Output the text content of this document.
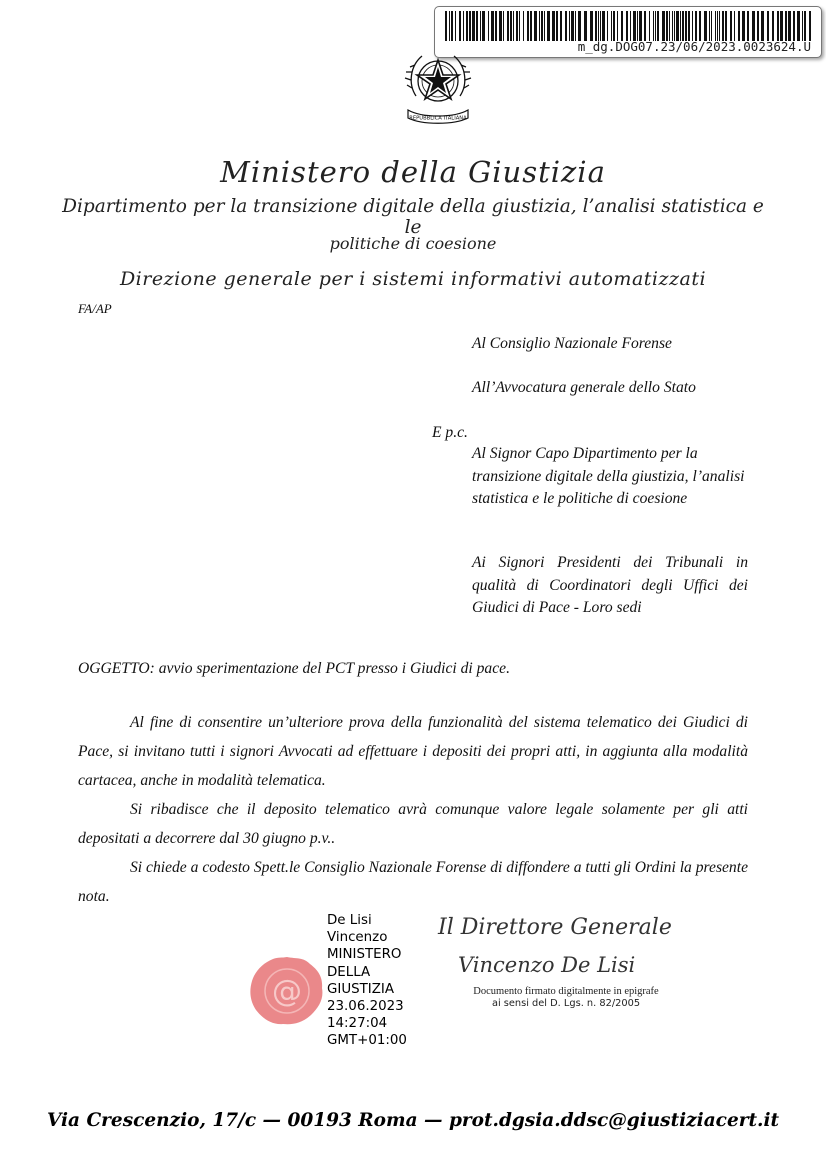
m_dg.DOG07.23/06/2023.0023624.U
REPUBBLICA ITALIANA
Ministero della Giustizia
Dipartimento per la transizione digitale della giustizia, l’analisi statistica e le
politiche di coesione
Direzione generale per i sistemi informativi automatizzati
FA/AP
Al Consiglio Nazionale Forense
All’Avvocatura generale dello Stato
E p.c.
Al Signor Capo Dipartimento per la transizione digitale della giustizia, l’analisi statistica e le politiche di coesione
Ai Signori Presidenti dei Tribunali in qualità di Coordinatori degli Uffici dei Giudici di Pace - Loro sedi
OGGETTO: avvio sperimentazione del PCT presso i Giudici di pace.
Al fine di consentire un’ulteriore prova della funzionalità del sistema telematico dei Giudici di Pace, si invitano tutti i signori Avvocati ad effettuare i depositi dei propri atti, in aggiunta alla modalità cartacea, anche in modalità telematica.
Si ribadisce che il deposito telematico avrà comunque valore legale solamente per gli atti depositati a decorrere dal 30 giugno p.v..
Si chiede a codesto Spett.le Consiglio Nazionale Forense di diffondere a tutti gli Ordini la presente nota.
@
De Lisi
Vincenzo
MINISTERO
DELLA
GIUSTIZIA
23.06.2023
14:27:04
GMT+01:00
Il Direttore Generale
Vincenzo De Lisi
Documento firmato digitalmente in epigrafe
ai sensi del D. Lgs. n. 82/2005
Via Crescenzio, 17/c — 00193 Roma — prot.dgsia.ddsc@giustiziacert.it
